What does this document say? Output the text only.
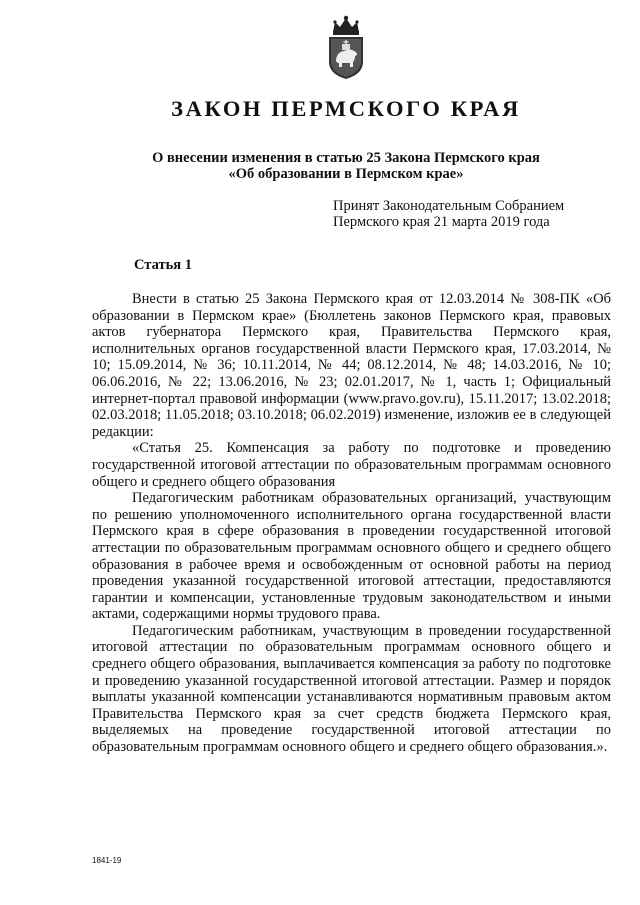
ЗАКОН ПЕРМСКОГО КРАЯ
О внесении изменения в статью 25 Закона Пермского края
«Об образовании в Пермском крае»
Принят Законодательным Собранием
Пермского края 21 марта 2019 года
Статья 1

Внести в статью 25 Закона Пермского края от 12.03.2014 № 308-ПК «Об образовании в Пермском крае» (Бюллетень законов Пермского края, правовых актов губернатора Пермского края, Правительства Пермского края, исполнительных органов государственной власти Пермского края, 17.03.2014, № 10; 15.09.2014, № 36; 10.11.2014, № 44; 08.12.2014, № 48; 14.03.2016, № 10; 06.06.2016, № 22; 13.06.2016, № 23; 02.01.2017, № 1, часть 1; Официальный интернет-портал правовой информации (www.pravo.gov.ru), 15.11.2017; 13.02.2018; 02.03.2018; 11.05.2018; 03.10.2018; 06.02.2019) изменение, изложив ее в следующей редакции:

«Статья 25. Компенсация за работу по подготовке и проведению государственной итоговой аттестации по образовательным программам основного общего и среднего общего образования

Педагогическим работникам образовательных организаций, участвующим по решению уполномоченного исполнительного органа государственной власти Пермского края в сфере образования в проведении государственной итоговой аттестации по образовательным программам основного общего и среднего общего образования в рабочее время и освобожденным от основной работы на период проведения указанной государственной итоговой аттестации, предоставляются гарантии и компенсации, установленные трудовым законодательством и иными актами, содержащими нормы трудового права.

Педагогическим работникам, участвующим в проведении государственной итоговой аттестации по образовательным программам основного общего и среднего общего образования, выплачивается компенсация за работу по подготовке и проведению указанной государственной итоговой аттестации. Размер и порядок выплаты указанной компенсации устанавливаются нормативным правовым актом Правительства Пермского края за счет средств бюджета Пермского края, выделяемых на проведение государственной итоговой аттестации по образовательным программам основного общего и среднего общего образования.».

1841-19
